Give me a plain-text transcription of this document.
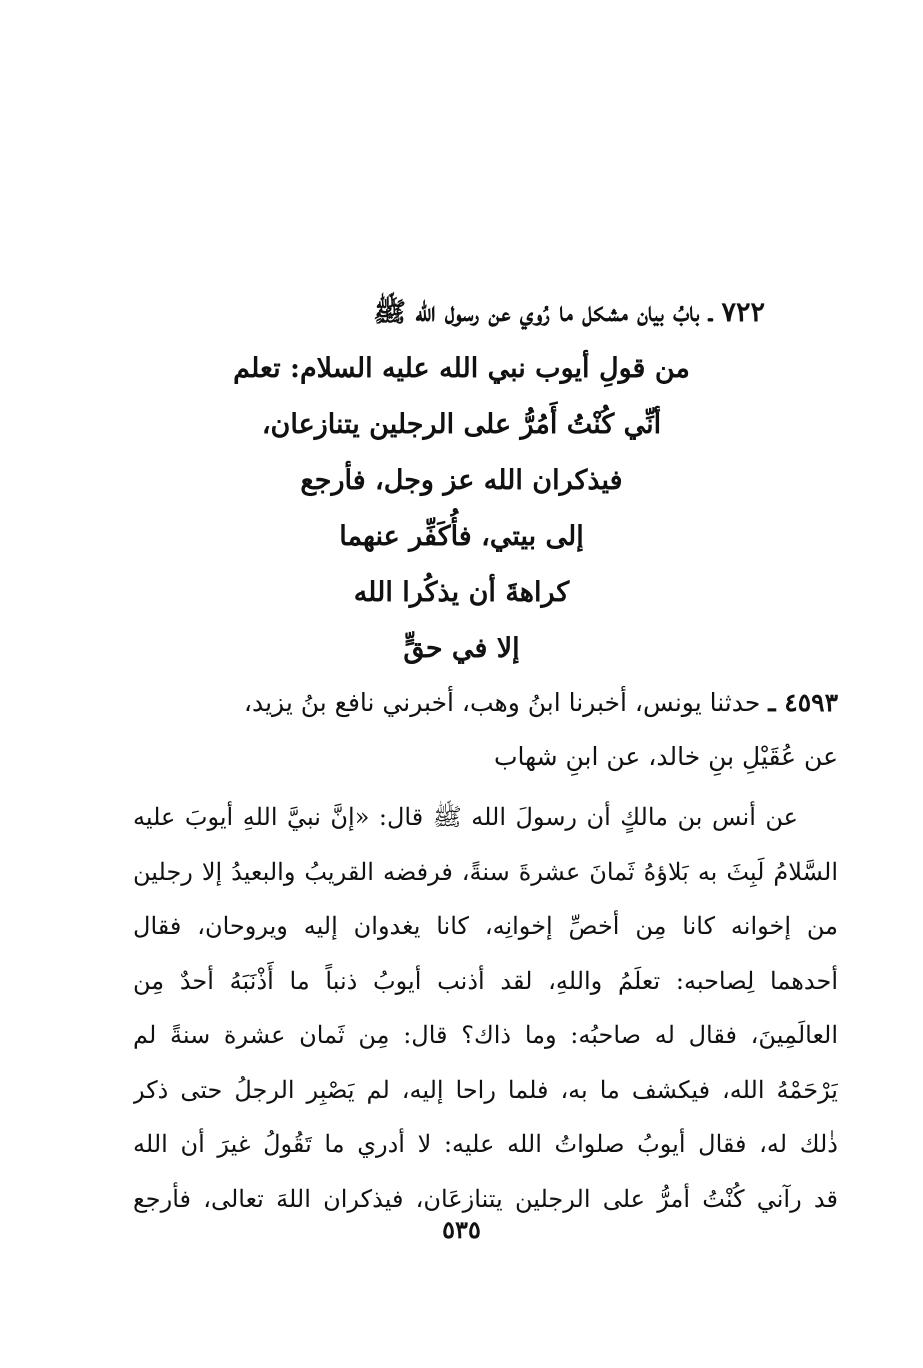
٧٢٢ ـ بابُ بيان مشكل ما رُوي عن رسول الله ﷺ
من قولِ أيوب نبي الله عليه السلام: تعلم
أنِّي كُنْتُ أَمُرُّ على الرجلين يتنازعان،
فيذكران الله عز وجل، فأرجع
إلى بيتي، فأُكَفِّر عنهما
كراهةَ أن يذكُرا الله
إلا في حقٍّ
٤٥٩٣ ـ حدثنا يونس، أخبرنا ابنُ وهب، أخبرني نافع بنُ يزيد،
عن عُقَيْلِ بنِ خالد، عن ابنِ شهاب
عن أنس بن مالكٍ أن رسولَ الله ﷺ قال: «إنَّ نبيَّ اللهِ أيوبَ عليه
السَّلامُ لَبِثَ به بَلاؤهُ ثَمانَ عشرةَ سنةً، فرفضه القريبُ والبعيدُ إلا رجلين
من إخوانه كانا مِن أخصِّ إخوانِه، كانا يغدوان إليه ويروحان، فقال
أحدهما لِصاحبه: تعلَمُ واللهِ، لقد أذنب أيوبُ ذنباً ما أَذْنَبَهُ أحدٌ مِن
العالَمِينَ، فقال له صاحبُه: وما ذاك؟ قال: مِن ثَمان عشرة سنةً لم
يَرْحَمْهُ الله، فيكشف ما به، فلما راحا إليه، لم يَصْبِر الرجلُ حتى ذكر
ذٰلك له، فقال أيوبُ صلواتُ الله عليه: لا أدري ما تَقُولُ غيرَ أن الله
قد رآني كُنْتُ أمرُّ على الرجلين يتنازعَان، فيذكران اللهَ تعالى، فأرجع
٥٣٥
